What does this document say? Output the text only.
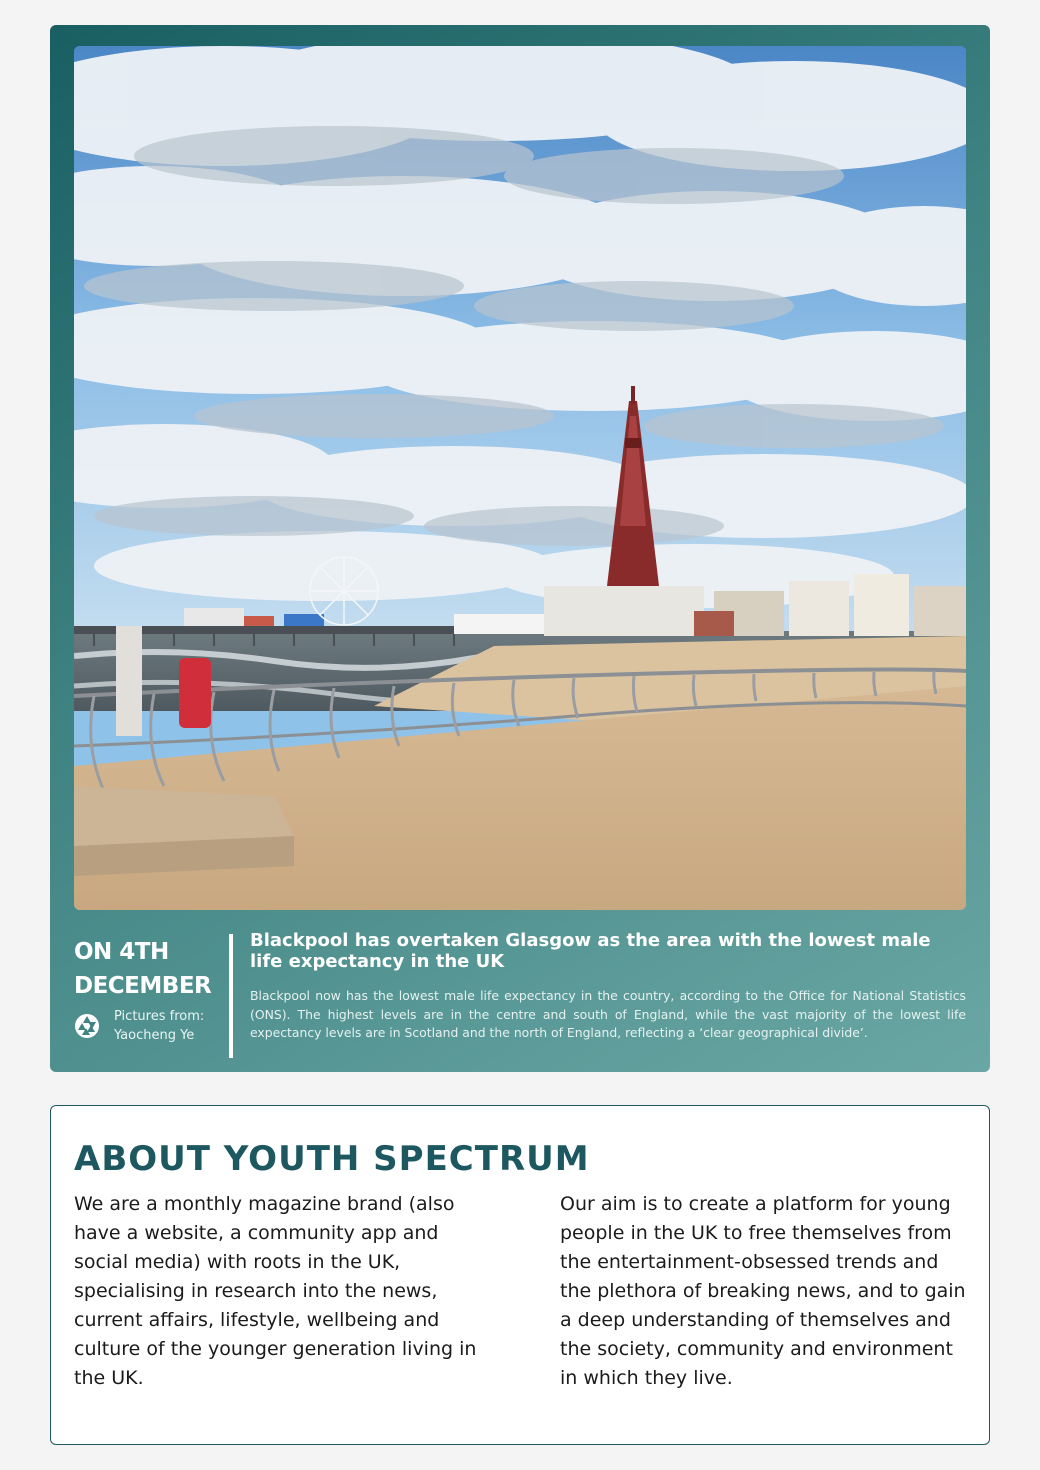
ON 4TH
DECEMBER
Pictures from:
Yaocheng Ye
Blackpool has overtaken Glasgow as the area with the lowest male life expectancy in the UK
Blackpool now has the lowest male life expectancy in the country, according to the Office for National Statistics (ONS). The highest levels are in the centre and south of England, while the vast majority of the lowest life expectancy levels are in Scotland and the north of England, reflecting a ‘clear geographical divide’.
ABOUT YOUTH SPECTRUM
We are a monthly magazine brand (also have a website, a community app and social media) with roots in the UK, specialising in research into the news, current affairs, lifestyle, wellbeing and culture of the younger generation living in the UK.
Our aim is to create a platform for young people in the UK to free themselves from the entertainment-obsessed trends and the plethora of breaking news, and to gain a deep understanding of themselves and the society, community and environment in which they live.
